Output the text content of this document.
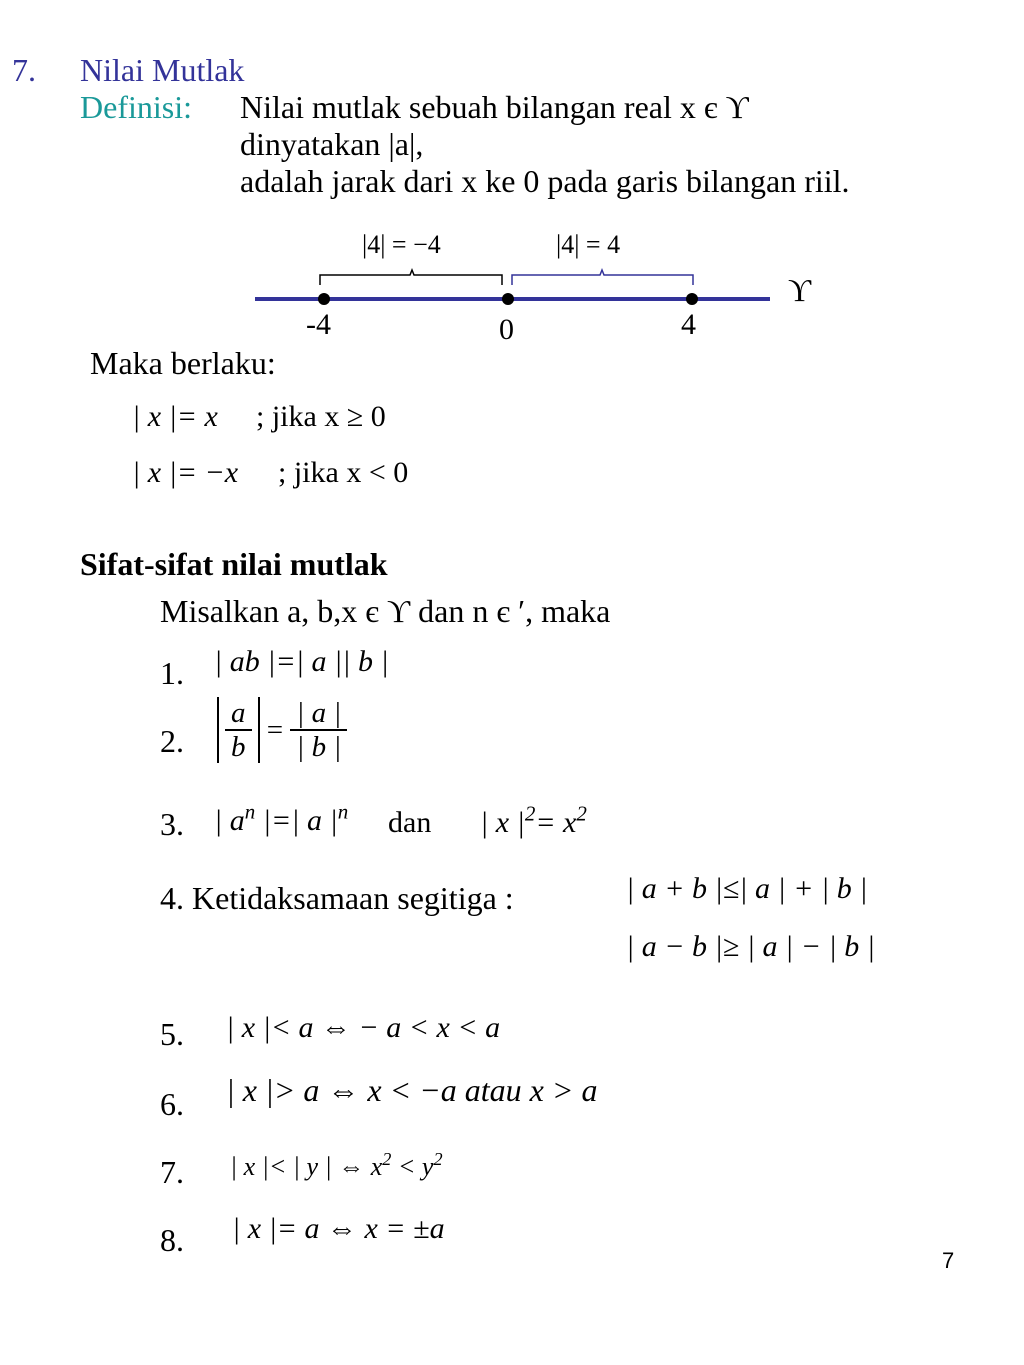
7. Nilai Mutlak
Definisi: Nilai mutlak sebuah bilangan real x є ϒ
dinyatakan |a|,
adalah jarak dari x ke 0 pada garis bilangan riil.
|4| = −4	|4| = 4
-4	0	4
ϒ
Maka berlaku:
| x |= x ; jika x ≥ 0
| x |= −x ; jika x < 0
Sifat-sifat nilai mutlak
Misalkan a, b,x є ϒ dan n є ′, maka
1. | ab |=| a || b |
2. $\frac{a}{b} = \frac{| a |}{| b |}$
3. | $a^n$ |=| a $|^n$ dan | x $|^2= x^2$
4. Ketidaksamaan segitiga :	| a + b |≤| a | + | b |
| a − b |≥ | a | − | b |
5. | x |< a ⇔ − a < x < a
6. | x |> a ⇔ x < −a atau x > a
7. | x |< | y | ⇔ $x^2 < y^2$
8. | x |= a ⇔ x = ±a
7
